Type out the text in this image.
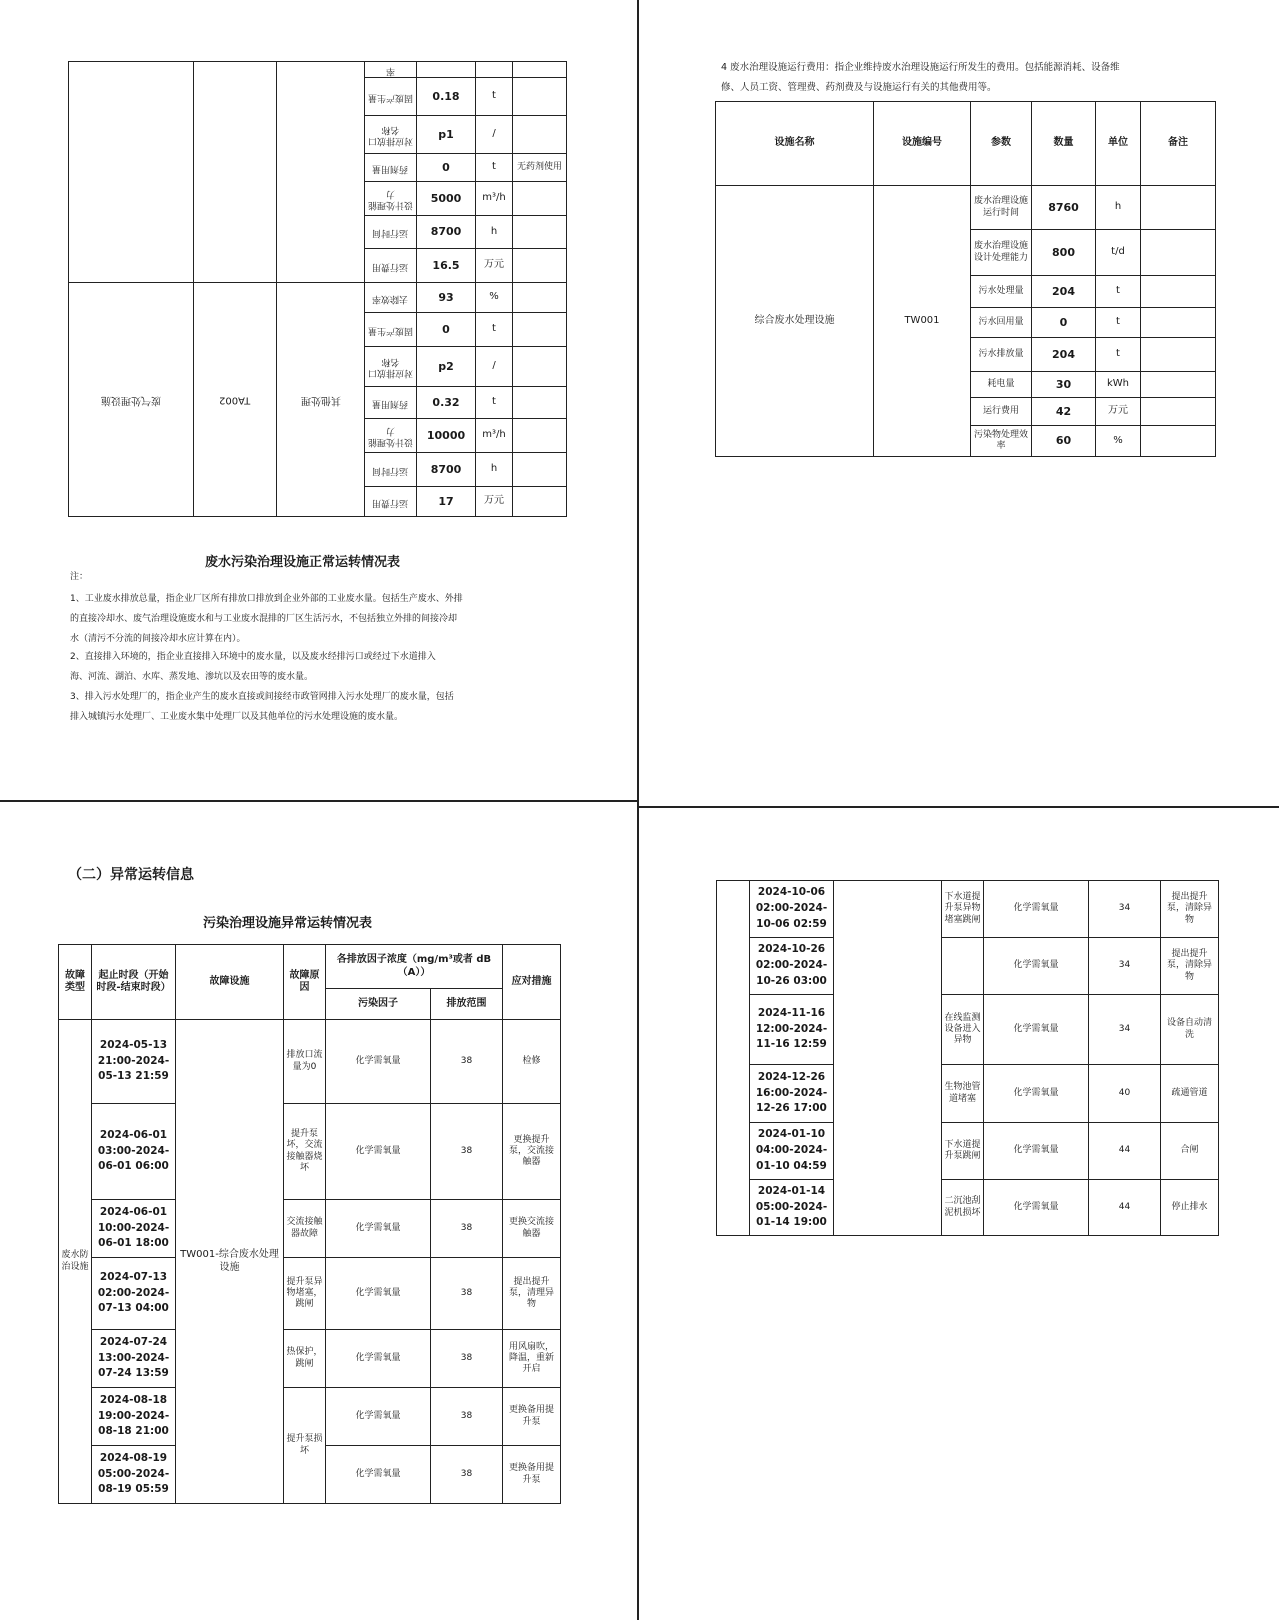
			率			
			固废产生量	0.18	t	
			对应排放口名称	p1	/	
			药剂用量	0	t	无药剂使用
			设计处理能力	5000	m³/h	
			运行时间	8700	h	
			运行费用	16.5	万元	
废气处理设施	TA002	其他处理	去除效率	93	%	
			固废产生量	0	t	
			对应排放口名称	p2	/	
			药剂用量	0.32	t	
			设计处理能力	10000	m³/h	
			运行时间	8700	h	
			运行费用	17	万元	
废水污染治理设施正常运转情况表
注：
1、工业废水排放总量，指企业厂区所有排放口排放到企业外部的工业废水量。包括生产废水、外排
的直接冷却水、废气治理设施废水和与工业废水混排的厂区生活污水，不包括独立外排的间接冷却
水（清污不分流的间接冷却水应计算在内）。
2、直接排入环境的，指企业直接排入环境中的废水量，以及废水经排污口或经过下水道排入
海、河流、湖泊、水库、蒸发地、渗坑以及农田等的废水量。
3、排入污水处理厂的，指企业产生的废水直接或间接经市政管网排入污水处理厂的废水量，包括
排入城镇污水处理厂、工业废水集中处理厂以及其他单位的污水处理设施的废水量。
4 废水治理设施运行费用：指企业维持废水治理设施运行所发生的费用。包括能源消耗、设备维
修、人员工资、管理费、药剂费及与设施运行有关的其他费用等。
设施名称	设施编号	参数	数量	单位	备注
综合废水处理设施	TW001	废水治理设施运行时间	8760	h	
		废水治理设施设计处理能力	800	t/d	
		污水处理量	204	t	
		污水回用量	0	t	
		污水排放量	204	t	
		耗电量	30	kWh	
		运行费用	42	万元	
		污染物处理效率	60	%	
（二）异常运转信息
污染治理设施异常运转情况表
故障类型	起止时段（开始时段-结束时段）	故障设施	故障原因	各排放因子浓度（mg/m³或者 dB（A））		应对措施
				污染因子	排放范围	
废水防治设施	2024-05-13
21:00-2024-
05-13 21:59	TW001-综合废水处理设施	排放口流量为0	化学需氧量	38	检修

	2024-06-01
03:00-2024-
06-01 06:00		提升泵坏，交流接触器烧坏	化学需氧量	38	更换提升泵，交流接触器

	2024-06-01
10:00-2024-
06-01 18:00		交流接触器故障	化学需氧量	38	更换交流接触器

	2024-07-13
02:00-2024-
07-13 04:00		提升泵异物堵塞，跳闸	化学需氧量	38	提出提升泵，清理异物

	2024-07-24
13:00-2024-
07-24 13:59		热保护，跳闸	化学需氧量	38	用风扇吹，降温，重新开启

	2024-08-18
19:00-2024-
08-18 21:00		提升泵损坏	化学需氧量	38	更换备用提升泵

	2024-08-19
05:00-2024-
08-19 05:59			化学需氧量	38	更换备用提升泵

	2024-10-06
02:00-2024-
10-06 02:59		下水道提升泵异物堵塞跳闸	化学需氧量	34	提出提升泵，清除异物

	2024-10-26
02:00-2024-
10-26 03:00			化学需氧量	34	提出提升泵，清除异物

	2024-11-16
12:00-2024-
11-16 12:59		在线监测设备进入异物	化学需氧量	34	设备自动清洗

	2024-12-26
16:00-2024-
12-26 17:00		生物池管道堵塞	化学需氧量	40	疏通管道

	2024-01-10
04:00-2024-
01-10 04:59		下水道提升泵跳闸	化学需氧量	44	合闸

	2024-01-14
05:00-2024-
01-14 19:00		二沉池刮泥机损坏	化学需氧量	44	停止排水
